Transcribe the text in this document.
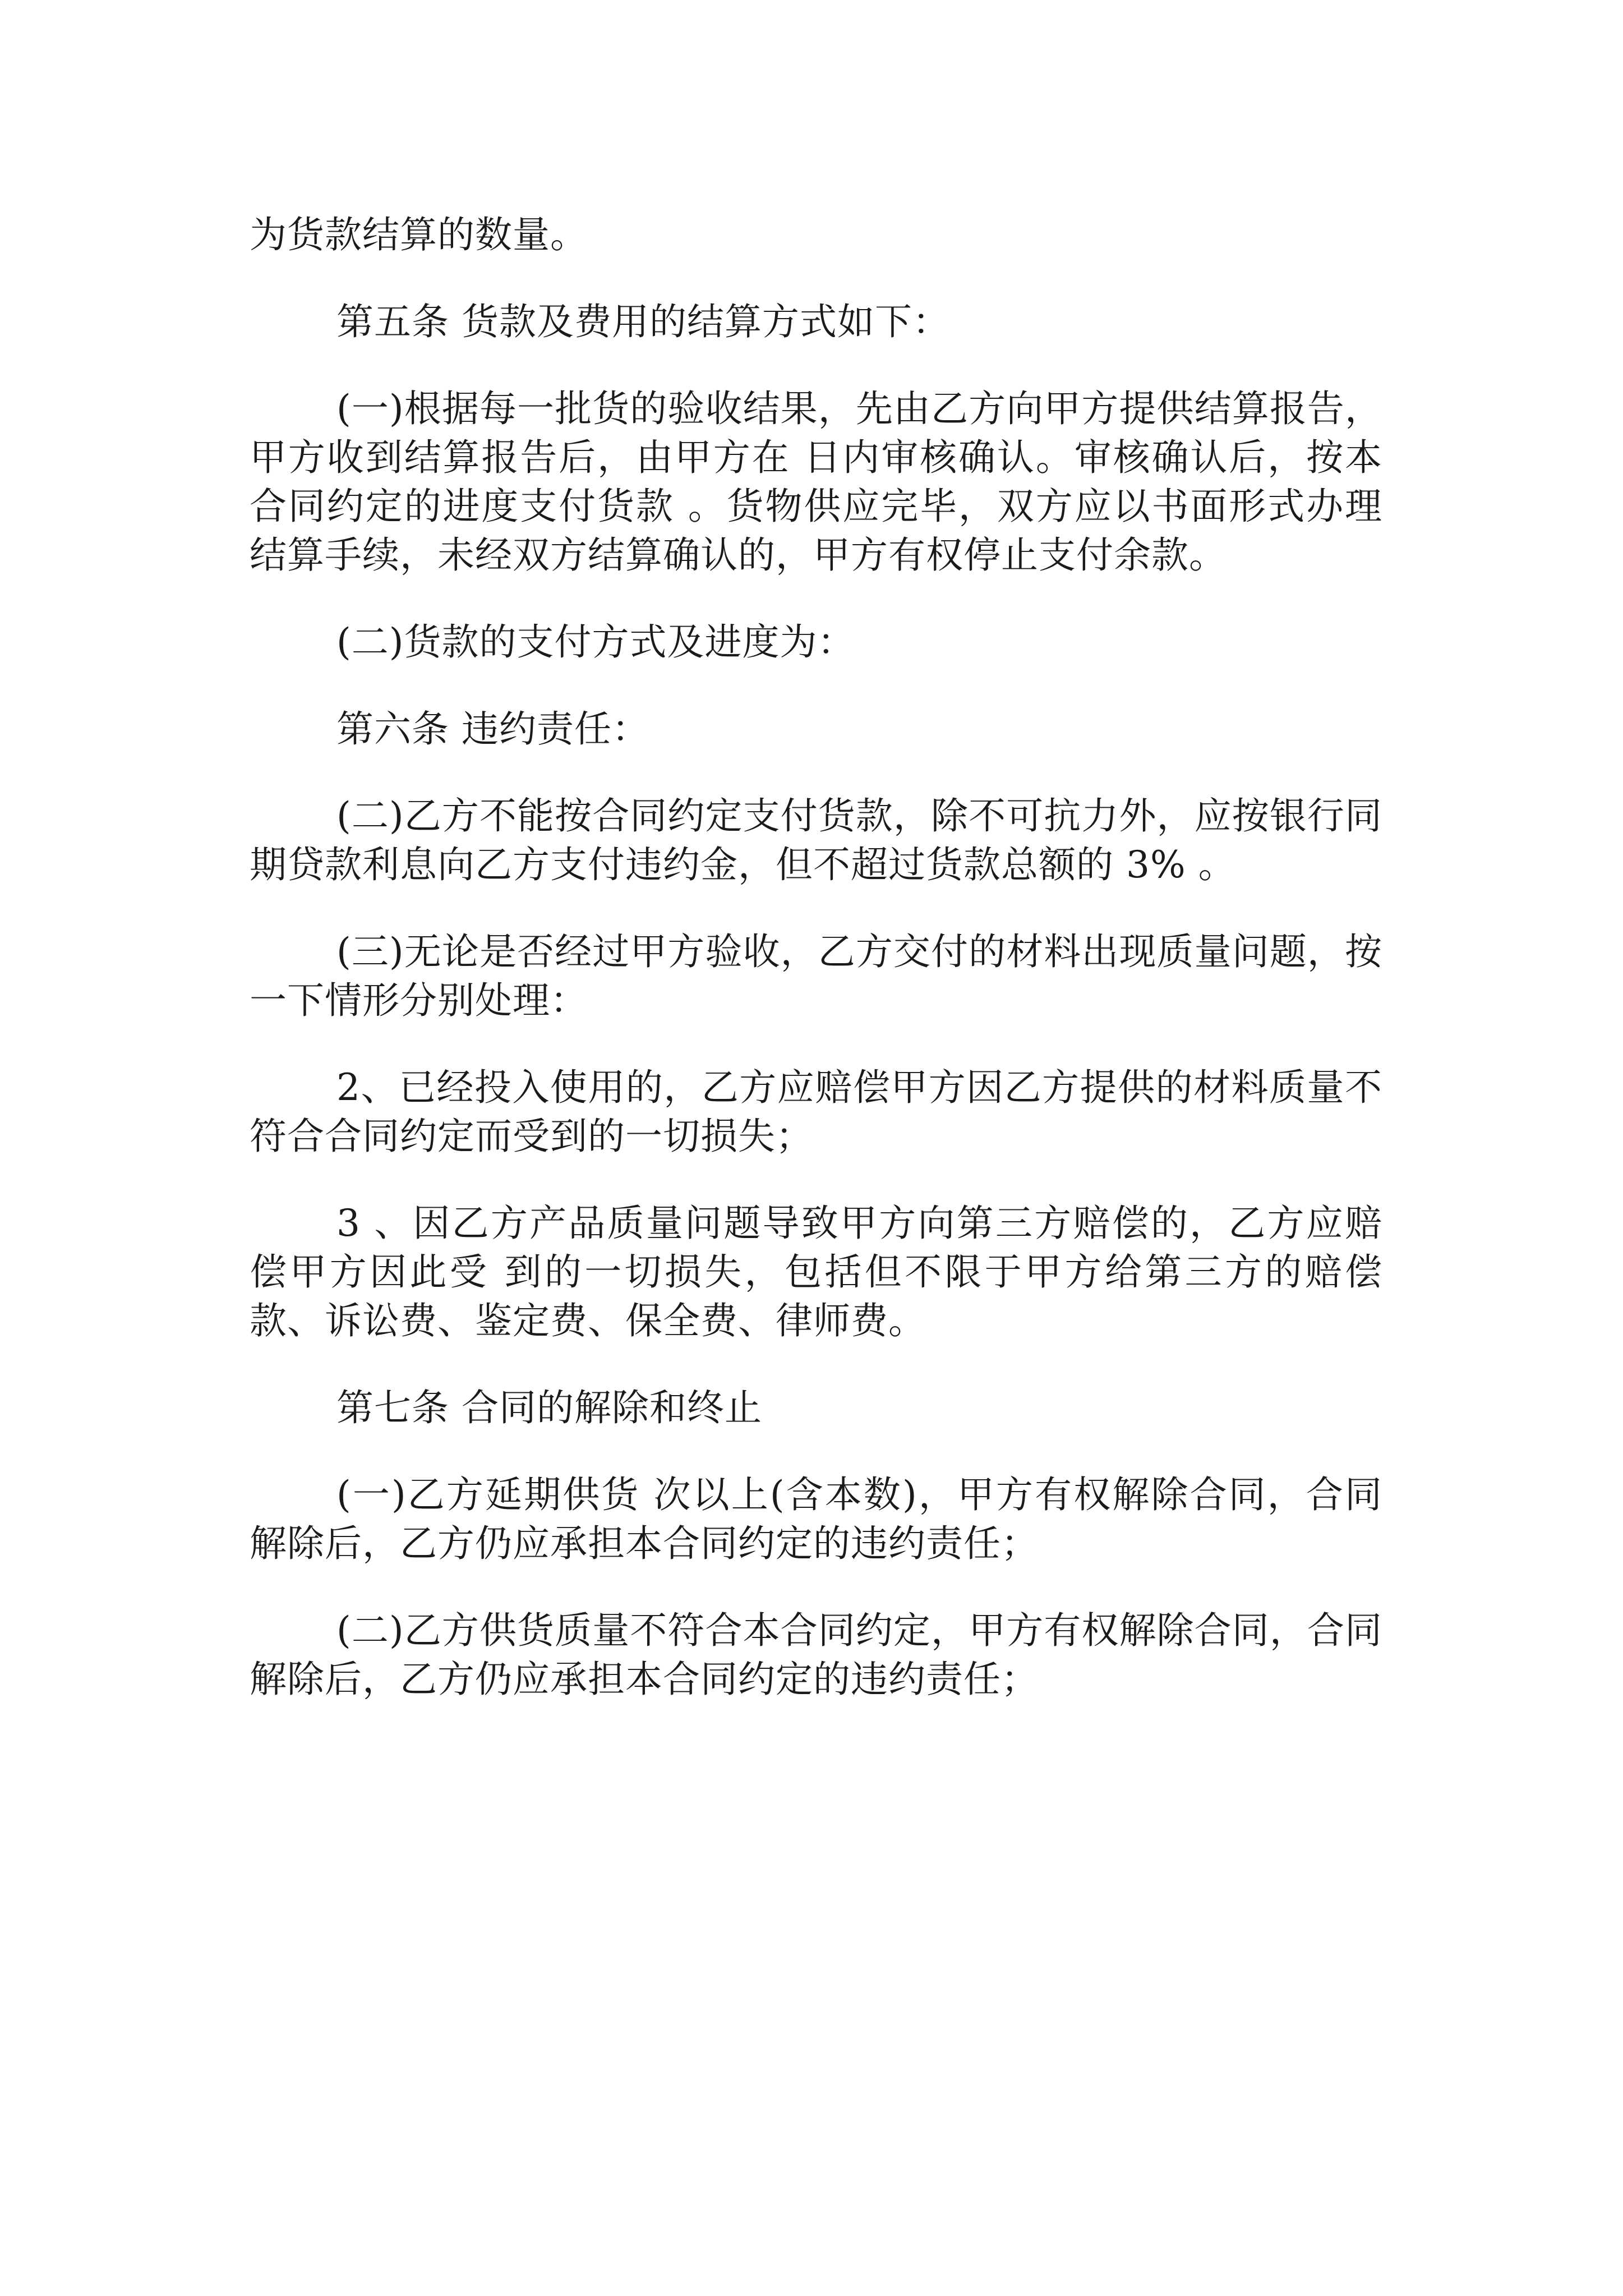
为货款结算的数量。

第五条 货款及费用的结算方式如下：

(一)根据每一批货的验收结果，先由乙方向甲方提供结算报告， 甲方收到结算报告后，由甲方在 日内审核确认。审核确认后，按本合同约定的进度支付货款 。货物供应完毕，双方应以书面形式办理结算手续，未经双方结算确认的，甲方有权停止支付余款。

(二)货款的支付方式及进度为：

第六条 违约责任：

(二)乙方不能按合同约定支付货款，除不可抗力外，应按银行同期贷款利息向乙方支付违约金，但不超过货款总额的 3% 。

(三)无论是否经过甲方验收，乙方交付的材料出现质量问题，按一下情形分别处理：

2、已经投入使用的，乙方应赔偿甲方因乙方提供的材料质量不符合合同约定而受到的一切损失；

3 、因乙方产品质量问题导致甲方向第三方赔偿的，乙方应赔偿甲方因此受 到的一切损失，包括但不限于甲方给第三方的赔偿款、诉讼费、鉴定费、保全费、律师费。

第七条 合同的解除和终止

(一)乙方延期供货 次以上(含本数)，甲方有权解除合同，合同解除后，乙方仍应承担本合同约定的违约责任；

(二)乙方供货质量不符合本合同约定，甲方有权解除合同，合同解除后，乙方仍应承担本合同约定的违约责任；
